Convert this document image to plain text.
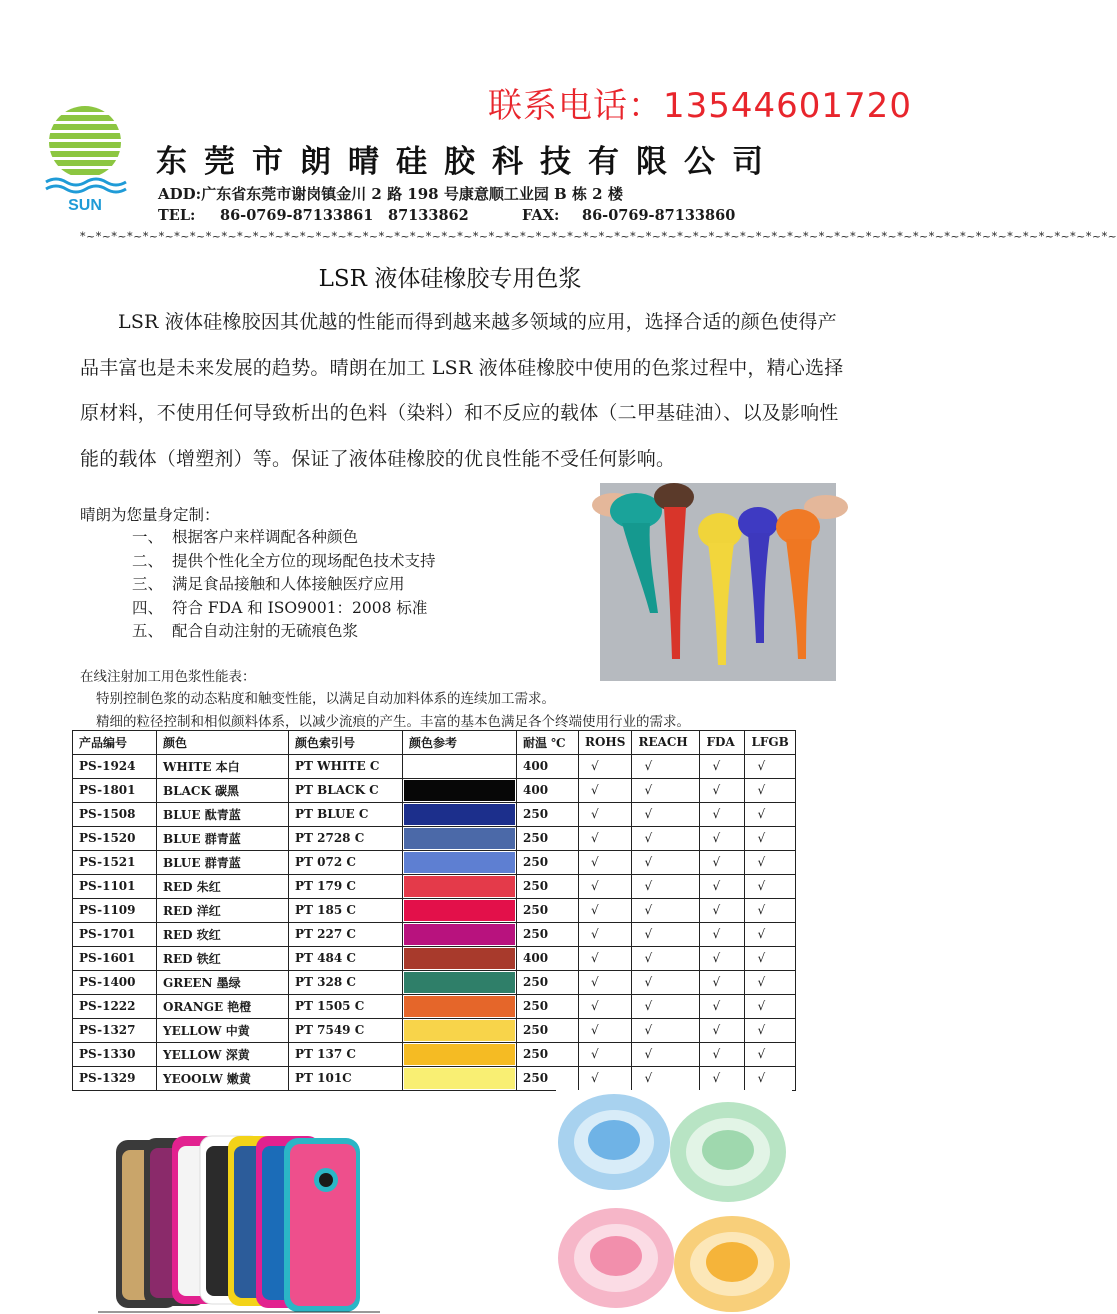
联系电话：13544601720
SUN
东莞市朗晴硅胶科技有限公司
ADD:广东省东莞市谢岗镇金川 2 路 198 号康意顺工业园 B 栋 2 楼
TEL: 86-0769-87133861 87133862	FAX: 86-0769-87133860
*~*~*~*~*~*~*~*~*~*~*~*~*~*~*~*~*~*~*~*~*~*~*~*~*~*~*~*~*~*~*~*~*~*~*~*~*~*~*~*~*~*~*~*~*~*~*~*~*~*~*~*~*~*~*~*~*~*~*~*~*~*~*~*~*~*~
LSR 液体硅橡胶专用色浆

LSR 液体硅橡胶因其优越的性能而得到越来越多领域的应用，选择合适的颜色使得产品丰富也是未来发展的趋势。晴朗在加工 LSR 液体硅橡胶中使用的色浆过程中，精心选择原材料，不使用任何导致析出的色料（染料）和不反应的载体（二甲基硅油）、以及影响性能的载体（增塑剂）等。保证了液体硅橡胶的优良性能不受任何影响。

晴朗为您量身定制：
一、 根据客户来样调配各种颜色
二、 提供个性化全方位的现场配色技术支持
三、 满足食品接触和人体接触医疗应用
四、 符合 FDA 和 ISO9001：2008 标准
五、 配合自动注射的无硫痕色浆
在线注射加工用色浆性能表：
特别控制色浆的动态粘度和触变性能，以满足自动加料体系的连续加工需求。
精细的粒径控制和相似颜料体系，以减少流痕的产生。丰富的基本色满足各个终端使用行业的需求。
产品编号	颜色	颜色索引号	颜色参考	耐温 ℃	ROHS	REACH	FDA	LFGB
PS-1924	WHITE 本白	PT WHITE C		400	√	√	√	√
PS-1801	BLACK 碳黑	PT BLACK C		400	√	√	√	√
PS-1508	BLUE 酞青蓝	PT BLUE C		250	√	√	√	√
PS-1520	BLUE 群青蓝	PT 2728 C		250	√	√	√	√
PS-1521	BLUE 群青蓝	PT 072 C		250	√	√	√	√
PS-1101	RED 朱红	PT 179 C		250	√	√	√	√
PS-1109	RED 洋红	PT 185 C		250	√	√	√	√
PS-1701	RED 玫红	PT 227 C		250	√	√	√	√
PS-1601	RED 铁红	PT 484 C		400	√	√	√	√
PS-1400	GREEN 墨绿	PT 328 C		250	√	√	√	√
PS-1222	ORANGE 艳橙	PT 1505 C		250	√	√	√	√
PS-1327	YELLOW 中黄	PT 7549 C		250	√	√	√	√
PS-1330	YELLOW 深黄	PT 137 C		250	√	√	√	√
PS-1329	YEOOLW 嫩黄	PT 101C		250	√	√	√	√
